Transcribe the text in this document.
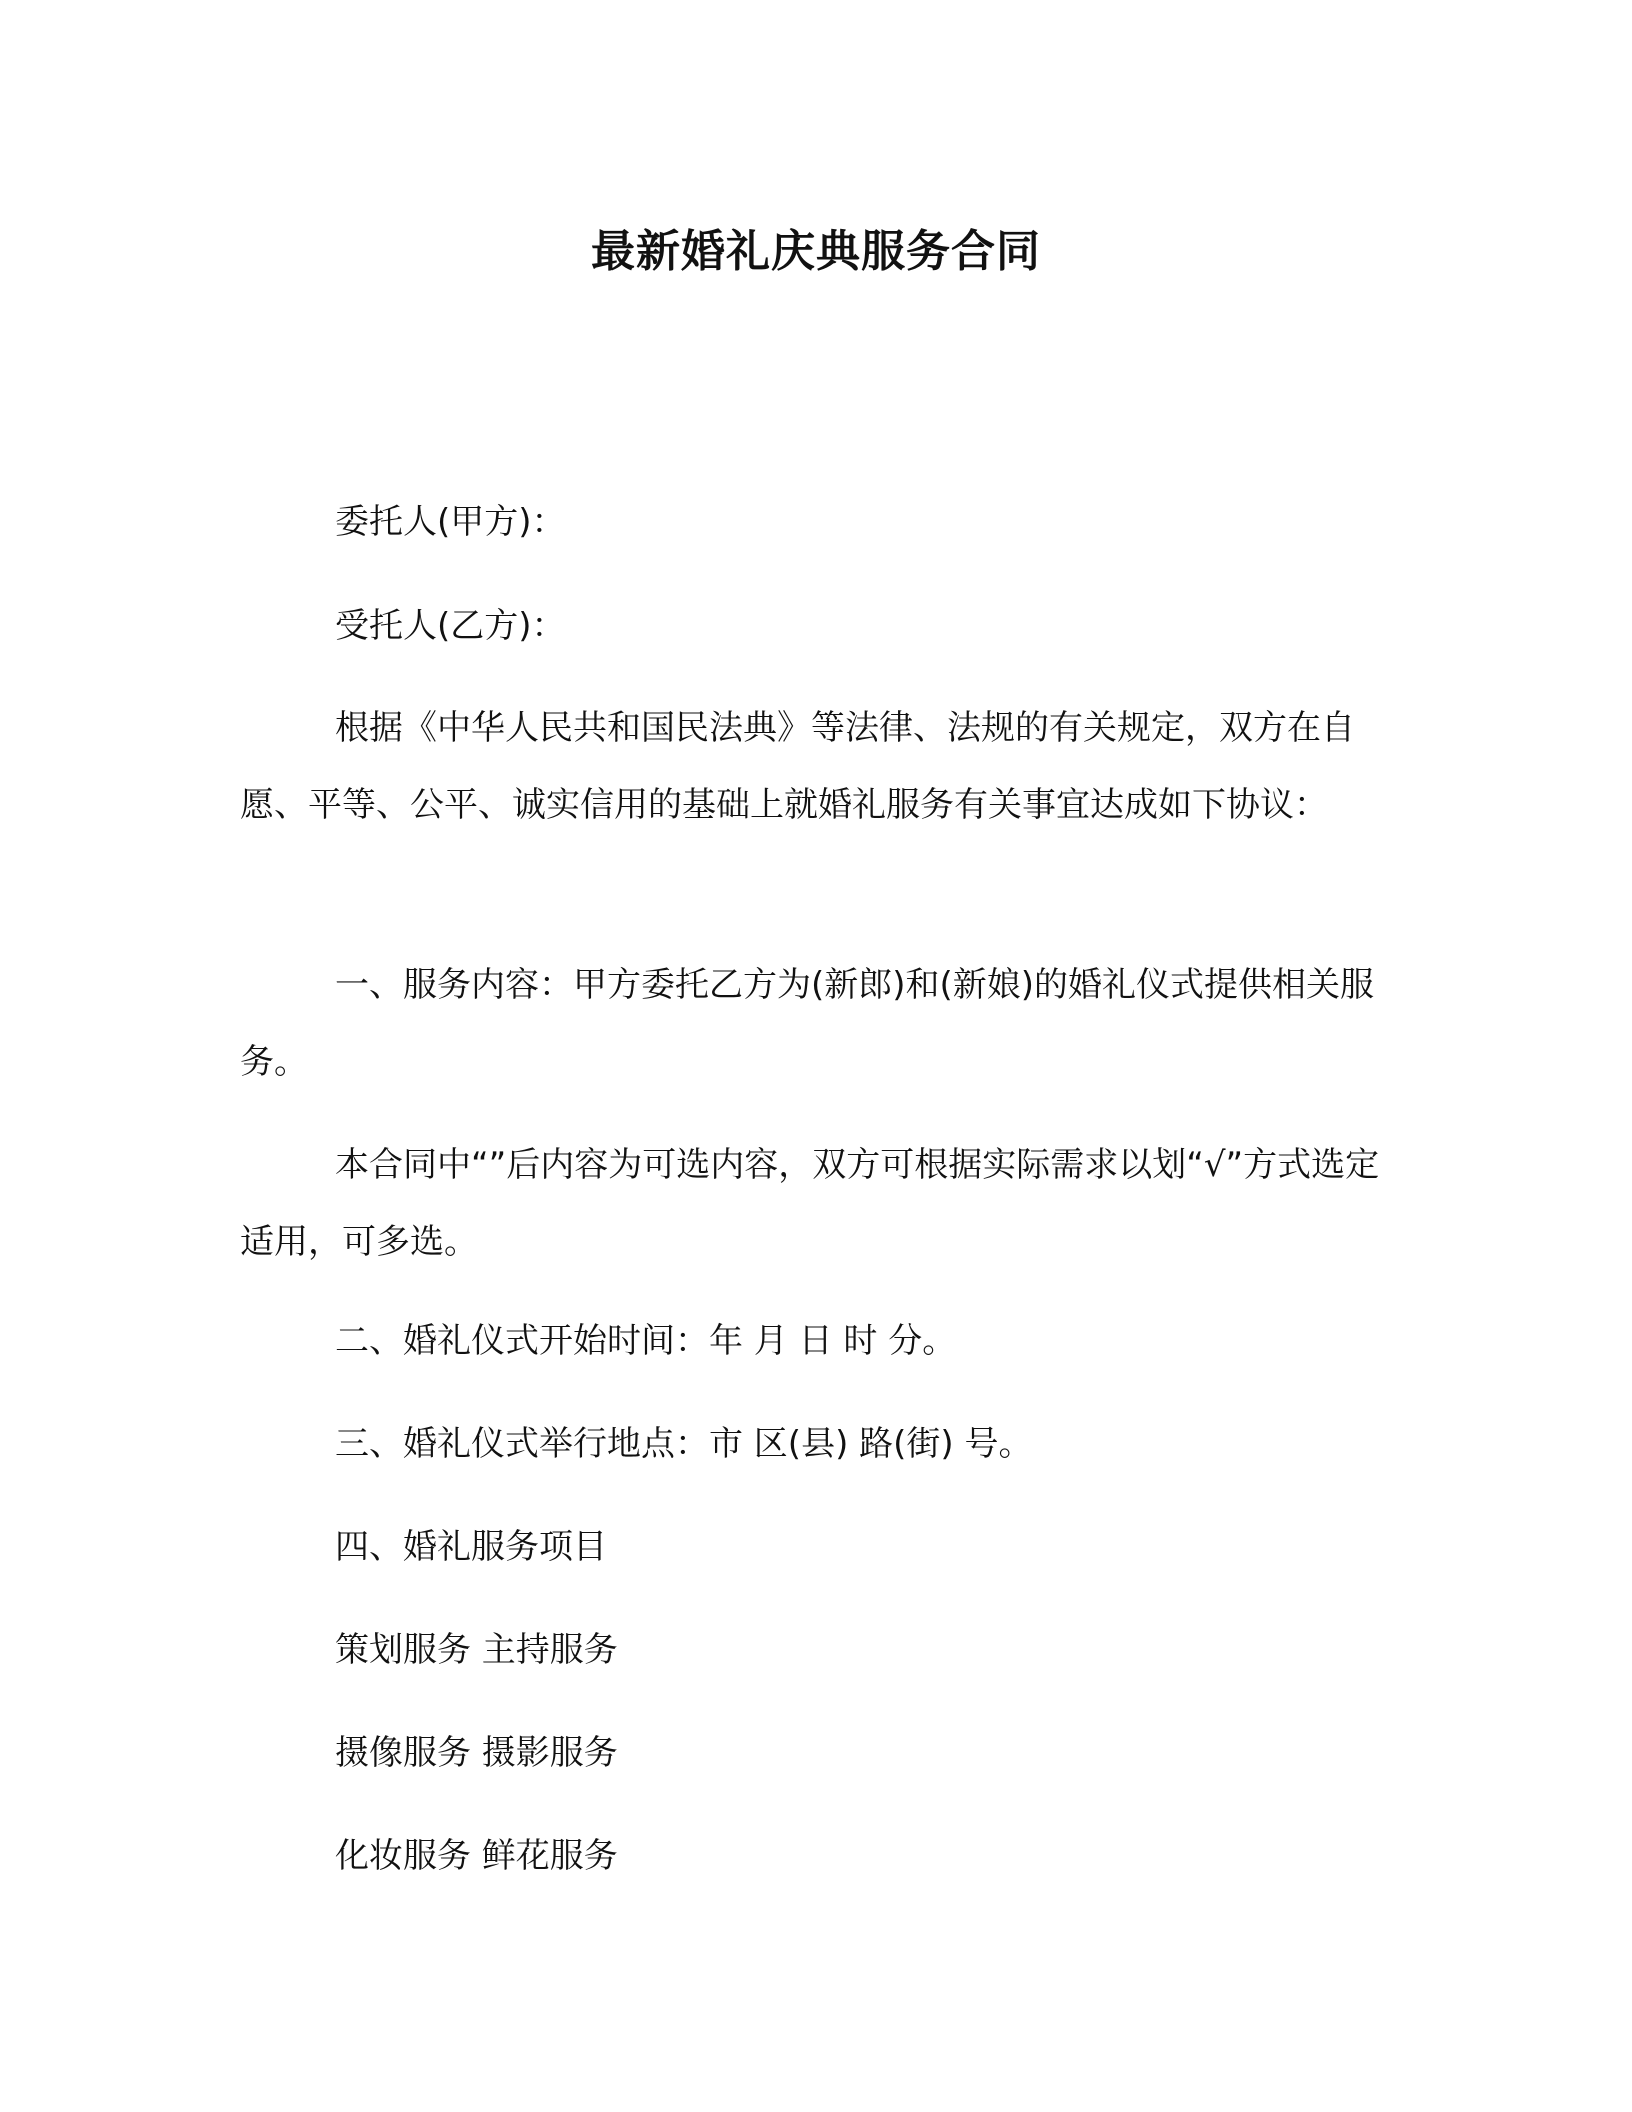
最新婚礼庆典服务合同

委托人(甲方)：

受托人(乙方)：

根据《中华人民共和国民法典》等法律、法规的有关规定，双方在自愿、平等、公平、诚实信用的基础上就婚礼服务有关事宜达成如下协议：

一、服务内容：甲方委托乙方为(新郎)和(新娘)的婚礼仪式提供相关服务。

本合同中“”后内容为可选内容，双方可根据实际需求以划“√”方式选定适用，可多选。

二、婚礼仪式开始时间：年 月 日 时 分。

三、婚礼仪式举行地点：市 区(县) 路(街) 号。

四、婚礼服务项目

策划服务 主持服务

摄像服务 摄影服务

化妆服务 鲜花服务
